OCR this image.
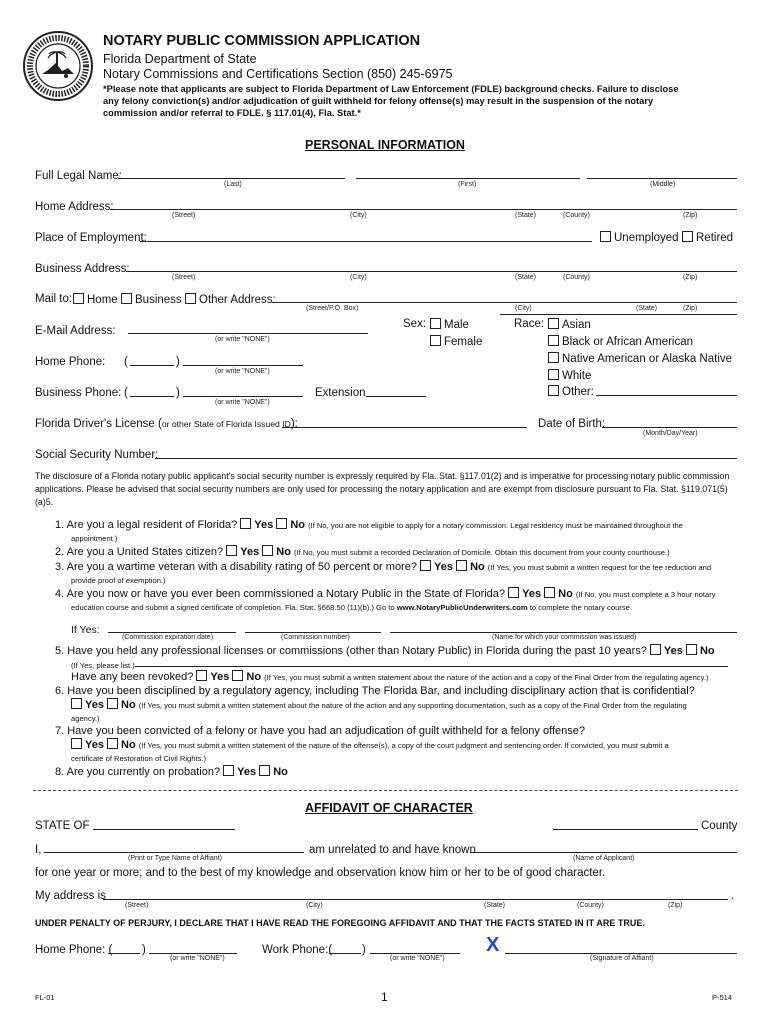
NOTARY PUBLIC COMMISSION APPLICATION
Florida Department of State
Notary Commissions and Certifications Section (850) 245-6975
*Please note that applicants are subject to Florida Department of Law Enforcement (FDLE) background checks. Failure to disclose
any felony conviction(s) and/or adjudication of guilt withheld for felony offense(s) may result in the suspension of the notary
commission and/or referral to FDLE. § 117.01(4), Fla. Stat.*
PERSONAL INFORMATION
Full Legal Name:
(Last)	(First)	(Middle)
Home Address:
(Street)	(City)	(State)	(County)	(Zip)
Place of Employment:	Unemployed	Retired
Business Address:
(Street)	(City)	(State)	(County)	(Zip)
Mail to:	Home	Business	Other Address:
(Street/P.O. Box)	(City)	(State)	(Zip)
E-Mail Address:
(or write "NONE")
Sex:	Male
Female
Race:	Asian
Black or African American
Native American or Alaska Native
White
Other:
Home Phone: (	)
(or write "NONE")
Business Phone: (	)
(or write "NONE")
Extension
Florida Driver's License (or other State of Florida Issued ID):	Date of Birth:
(Month/Day/Year)
Social Security Number:
The disclosure of a Florida notary public applicant's social security number is expressly required by Fla. Stat. §117.01(2) and is imperative for processing notary public commission applications. Please be advised that social security numbers are only used for processing the notary application and are exempt from disclosure pursuant to Fla. Stat. §119.071(5)(a)5.
1. Are you a legal resident of Florida? Yes No (If No, you are not eligible to apply for a notary commission. Legal residency must be maintained throughout the
appointment.)
2. Are you a United States citizen? Yes No (If No, you must submit a recorded Declaration of Domicile. Obtain this document from your county courthouse.)
3. Are you a wartime veteran with a disability rating of 50 percent or more? Yes No (If Yes, you must submit a written request for the fee reduction and
provide proof of exemption.)
4. Are you now or have you ever been commissioned a Notary Public in the State of Florida? Yes No (If No, you must complete a 3 hour notary
education course and submit a signed certificate of completion. Fla. Stat. §668.50 (11)(b).) Go to www.NotaryPublicUnderwriters.com to complete the notary course.
If Yes:
(Commission expiration date)	(Commission number)	(Name for which your commission was issued)
5. Have you held any professional licenses or commissions (other than Notary Public) in Florida during the past 10 years? Yes No
(If Yes, please list.)
Have any been revoked? Yes No (If Yes, you must submit a written statement about the nature of the action and a copy of the Final Order from the regulating agency.)
6. Have you been disciplined by a regulatory agency, including The Florida Bar, and including disciplinary action that is confidential?
Yes No (If Yes, you must submit a written statement about the nature of the action and any supporting documentation, such as a copy of the Final Order from the regulating
agency.)
7. Have you been convicted of a felony or have you had an adjudication of guilt withheld for a felony offense?
Yes No (If Yes, you must submit a written statement of the nature of the offense(s), a copy of the court judgment and sentencing order. If convicted, you must submit a
certificate of Restoration of Civil Rights.)
8. Are you currently on probation? Yes No
AFFIDAVIT OF CHARACTER
STATE OF	County
I,	am unrelated to and have known
(Print or Type Name of Affiant)	(Name of Applicant)
for one year or more; and to the best of my knowledge and observation know him or her to be of good character.
My address is	.
(Street)	(City)	(State)	(County)	(Zip)
UNDER PENALTY OF PERJURY, I DECLARE THAT I HAVE READ THE FOREGOING AFFIDAVIT AND THAT THE FACTS STATED IN IT ARE TRUE.
Home Phone: (	)
(or write "NONE")
Work Phone:(	)
(or write "NONE")
X
(Signature of Affiant)
FL-01	1	P-514
